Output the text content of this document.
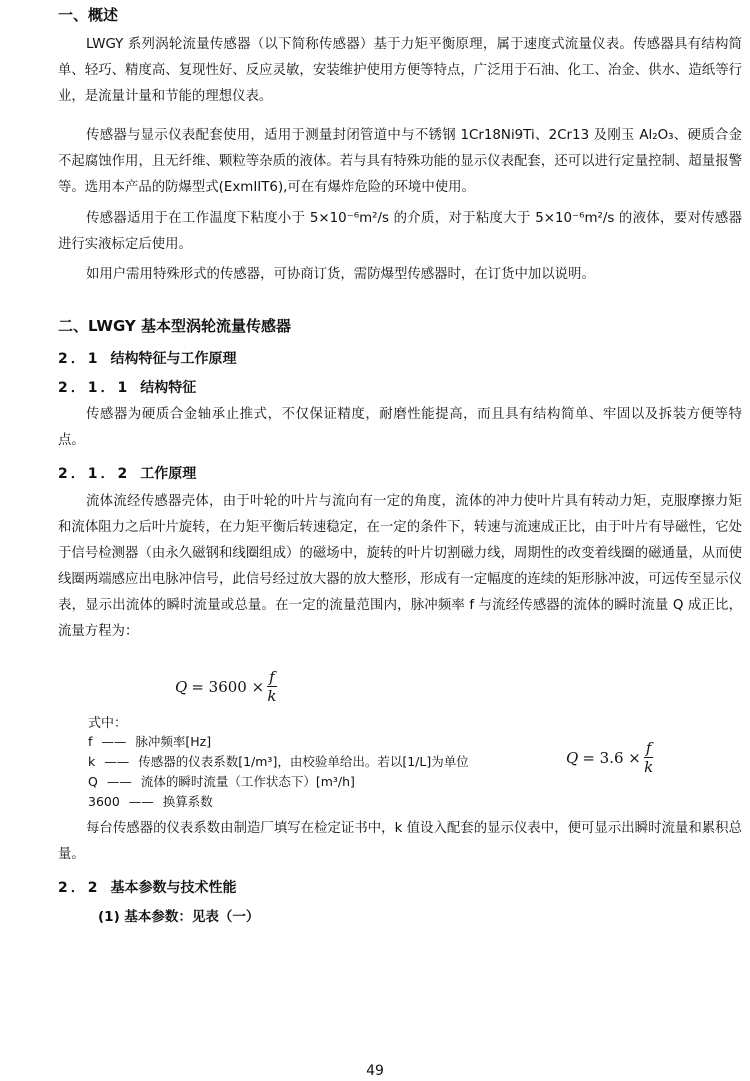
一、概述
LWGY 系列涡轮流量传感器（以下简称传感器）基于力矩平衡原理，属于速度式流量仪表。传感器具有结构简单、轻巧、精度高、复现性好、反应灵敏，安装维护使用方便等特点，广泛用于石油、化工、冶金、供水、造纸等行业，是流量计量和节能的理想仪表。
传感器与显示仪表配套使用，适用于测量封闭管道中与不锈钢 1Cr18Ni9Ti、2Cr13 及刚玉 Al₂O₃、硬质合金不起腐蚀作用，且无纤维、颗粒等杂质的液体。若与具有特殊功能的显示仪表配套，还可以进行定量控制、超量报警等。选用本产品的防爆型式(ExmIIT6),可在有爆炸危险的环境中使用。
传感器适用于在工作温度下粘度小于 5×10⁻⁶m²/s 的介质，对于粘度大于 5×10⁻⁶m²/s 的液体，要对传感器进行实液标定后使用。
如用户需用特殊形式的传感器，可协商订货，需防爆型传感器时，在订货中加以说明。
二、LWGY 基本型涡轮流量传感器
2．1 结构特征与工作原理
2．1．1 结构特征
传感器为硬质合金轴承止推式，不仅保证精度，耐磨性能提高，而且具有结构简单、牢固以及拆装方便等特点。
2．1．2 工作原理
流体流经传感器壳体，由于叶轮的叶片与流向有一定的角度，流体的冲力使叶片具有转动力矩，克服摩擦力矩和流体阻力之后叶片旋转，在力矩平衡后转速稳定，在一定的条件下，转速与流速成正比，由于叶片有导磁性，它处于信号检测器（由永久磁钢和线圈组成）的磁场中，旋转的叶片切割磁力线，周期性的改变着线圈的磁通量，从而使线圈两端感应出电脉冲信号，此信号经过放大器的放大整形，形成有一定幅度的连续的矩形脉冲波，可远传至显示仪表，显示出流体的瞬时流量或总量。在一定的流量范围内，脉冲频率 f 与流经传感器的流体的瞬时流量 Q 成正比，流量方程为：
$Q = 3600 \times \frac{f}{k}$
式中：
f —— 脉冲频率[Hz]
k —— 传感器的仪表系数[1/m³]，由校验单给出。若以[1/L]为单位	$Q = 3.6 \times \frac{f}{k}$
Q —— 流体的瞬时流量（工作状态下）[m³/h]
3600 —— 换算系数
每台传感器的仪表系数由制造厂填写在检定证书中，k 值设入配套的显示仪表中，便可显示出瞬时流量和累积总量。
2．2 基本参数与技术性能
(1) 基本参数：见表（一）
49
